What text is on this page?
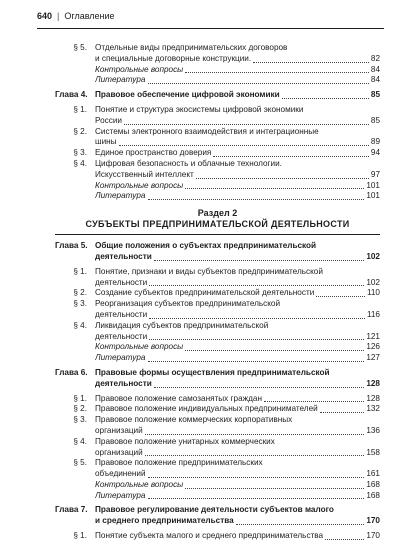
640 | Оглавление
§ 5. Отдельные виды предпринимательских договоров
и специальные договорные конструкции.	82
Контрольные вопросы	84
Литература	84
Глава 4. Правовое обеспечение цифровой экономики	85
§ 1. Понятие и структура экосистемы цифровой экономики
России	85
§ 2. Системы электронного взаимодействия и интеграционные
шины	89
§ 3. Единое пространство доверия	94
§ 4. Цифровая безопасность и облачные технологии.
Искусственный интеллект	97
Контрольные вопросы	101
Литература	101
Раздел 2
СУБЪЕКТЫ ПРЕДПРИНИМАТЕЛЬСКОЙ ДЕЯТЕЛЬНОСТИ
Глава 5. Общие положения о субъектах предпринимательской
деятельности	102
§ 1. Понятие, признаки и виды субъектов предпринимательской
деятельности	102
§ 2. Создание субъектов предпринимательской деятельности	110
§ 3. Реорганизация субъектов предпринимательской
деятельности	116
§ 4. Ликвидация субъектов предпринимательской
деятельности	121
Контрольные вопросы	126
Литература	127
Глава 6. Правовые формы осуществления предпринимательской
деятельности	128
§ 1. Правовое положение самозанятых граждан	128
§ 2. Правовое положение индивидуальных предпринимателей	132
§ 3. Правовое положение коммерческих корпоративных
организаций	136
§ 4. Правовое положение унитарных коммерческих
организаций	158
§ 5. Правовое положение предпринимательских
объединений	161
Контрольные вопросы	168
Литература	168
Глава 7. Правовое регулирование деятельности субъектов малого
и среднего предпринимательства	170
§ 1. Понятие субъекта малого и среднего предпринимательства	170
